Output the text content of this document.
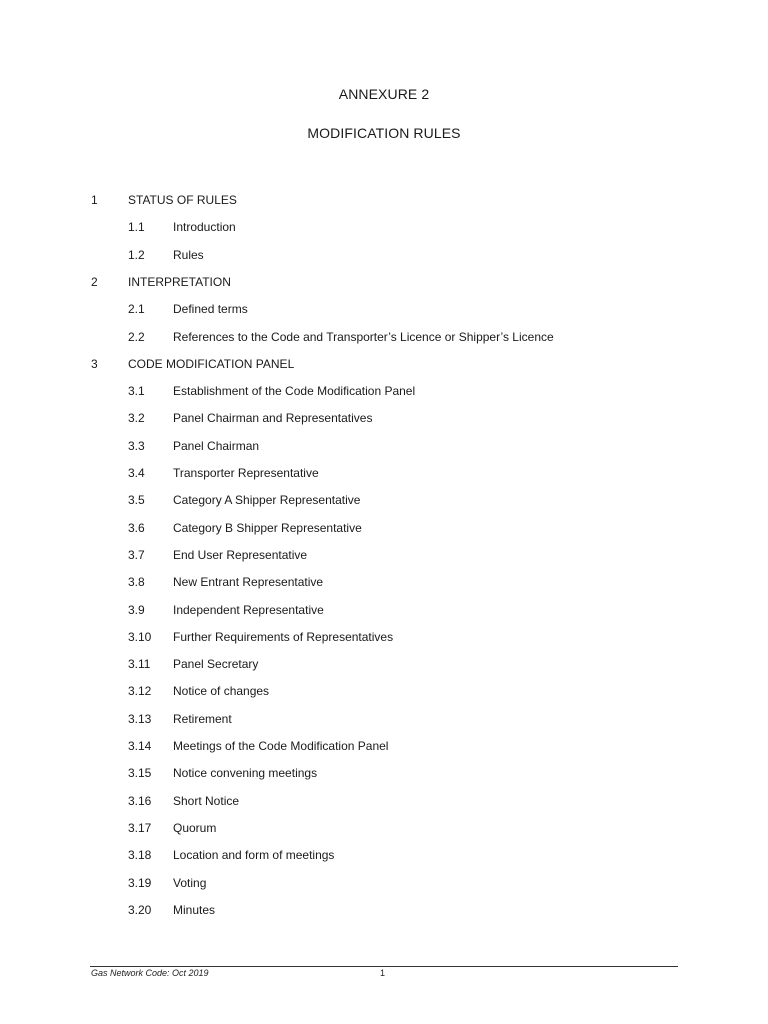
ANNEXURE 2
MODIFICATION RULES
1	STATUS OF RULES
1.1 Introduction
1.2 Rules
2	INTERPRETATION
2.1 Defined terms
2.2 References to the Code and Transporter’s Licence or Shipper’s Licence
3	CODE MODIFICATION PANEL
3.1 Establishment of the Code Modification Panel
3.2 Panel Chairman and Representatives
3.3 Panel Chairman
3.4 Transporter Representative
3.5 Category A Shipper Representative
3.6 Category B Shipper Representative
3.7 End User Representative
3.8 New Entrant Representative
3.9 Independent Representative
3.10 Further Requirements of Representatives
3.11 Panel Secretary
3.12 Notice of changes
3.13 Retirement
3.14 Meetings of the Code Modification Panel
3.15 Notice convening meetings
3.16 Short Notice
3.17 Quorum
3.18 Location and form of meetings
3.19 Voting
3.20 Minutes
Gas Network Code: Oct 2019	1
